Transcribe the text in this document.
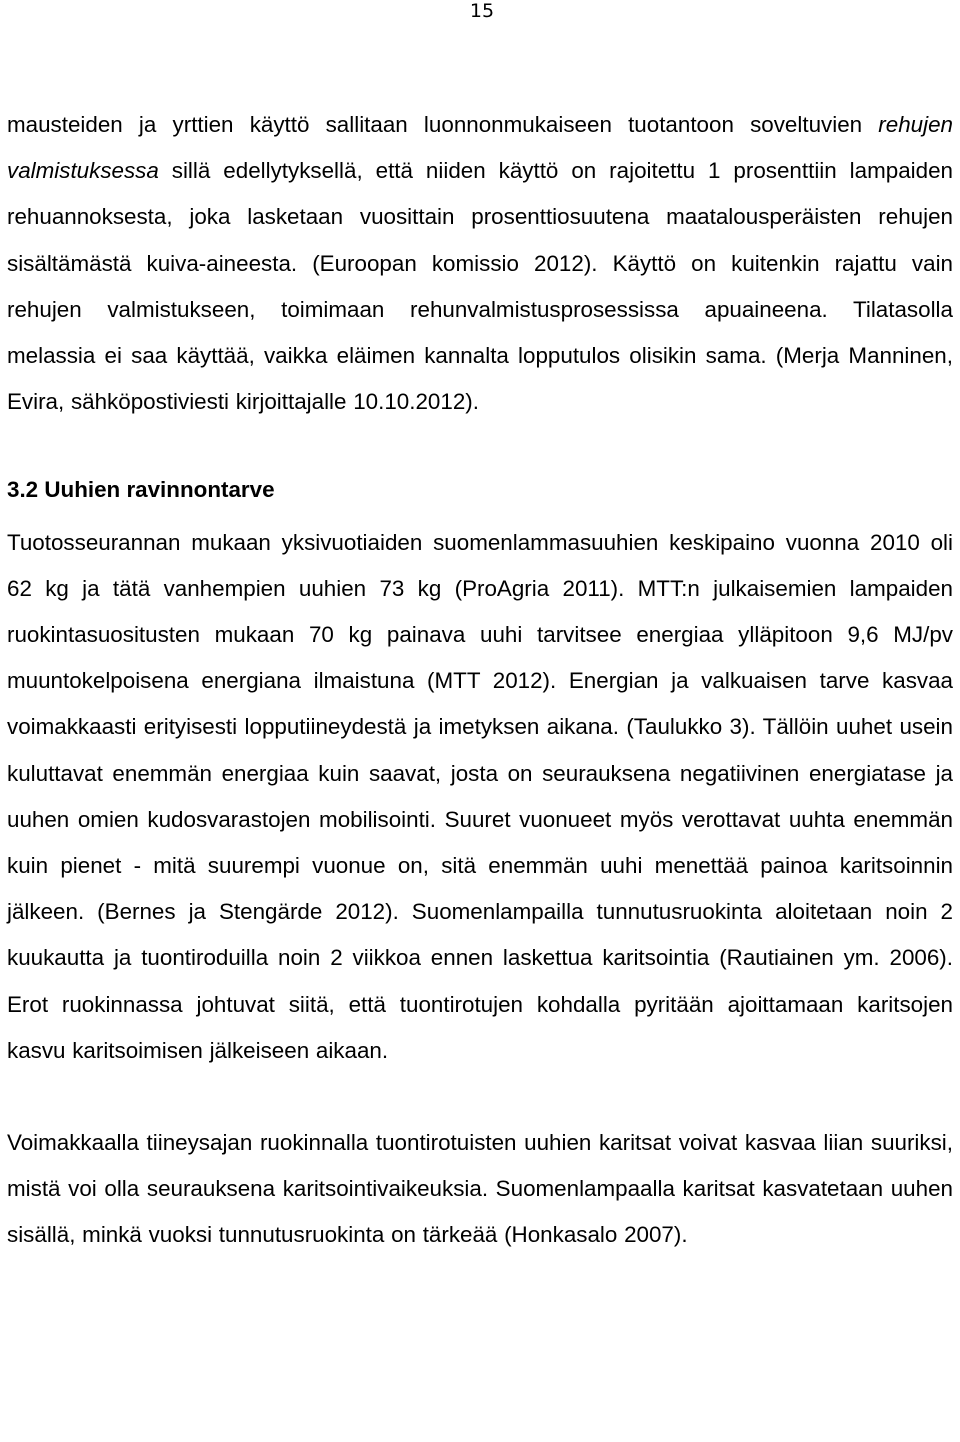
15

mausteiden ja yrttien käyttö sallitaan luonnonmukaiseen tuotantoon soveltuvien rehujen valmistuksessa sillä edellytyksellä, että niiden käyttö on rajoitettu 1 prosenttiin lampaiden rehuannoksesta, joka lasketaan vuosittain prosenttiosuutena maatalousperäisten rehujen sisältämästä kuiva-aineesta. (Euroopan komissio 2012). Käyttö on kuitenkin rajattu vain rehujen valmistukseen, toimimaan rehunvalmistusprosessissa apuaineena. Tilatasolla melassia ei saa käyttää, vaikka eläimen kannalta lopputulos olisikin sama. (Merja Manninen, Evira, sähköpostiviesti kirjoittajalle 10.10.2012).

3.2 Uuhien ravinnontarve

Tuotosseurannan mukaan yksivuotiaiden suomenlammasuuhien keskipaino vuonna 2010 oli 62 kg ja tätä vanhempien uuhien 73 kg (ProAgria 2011). MTT:n julkaisemien lampaiden ruokintasuositusten mukaan 70 kg painava uuhi tarvitsee energiaa ylläpitoon 9,6 MJ/pv muuntokelpoisena energiana ilmaistuna (MTT 2012). Energian ja valkuaisen tarve kasvaa voimakkaasti erityisesti lopputiineydestä ja imetyksen aikana. (Taulukko 3). Tällöin uuhet usein kuluttavat enemmän energiaa kuin saavat, josta on seurauksena negatiivinen energiatase ja uuhen omien kudosvarastojen mobilisointi. Suuret vuonueet myös verottavat uuhta enemmän kuin pienet - mitä suurempi vuonue on, sitä enemmän uuhi menettää painoa karitsoinnin jälkeen. (Bernes ja Stengärde 2012). Suomenlampailla tunnutusruokinta aloitetaan noin 2 kuukautta ja tuontiroduilla noin 2 viikkoa ennen laskettua karitsointia (Rautiainen ym. 2006). Erot ruokinnassa johtuvat siitä, että tuontirotujen kohdalla pyritään ajoittamaan karitsojen kasvu karitsoimisen jälkeiseen aikaan.

Voimakkaalla tiineysajan ruokinnalla tuontirotuisten uuhien karitsat voivat kasvaa liian suuriksi, mistä voi olla seurauksena karitsointivaikeuksia. Suomenlampaalla karitsat kasvatetaan uuhen sisällä, minkä vuoksi tunnutusruokinta on tärkeää (Honkasalo 2007).
